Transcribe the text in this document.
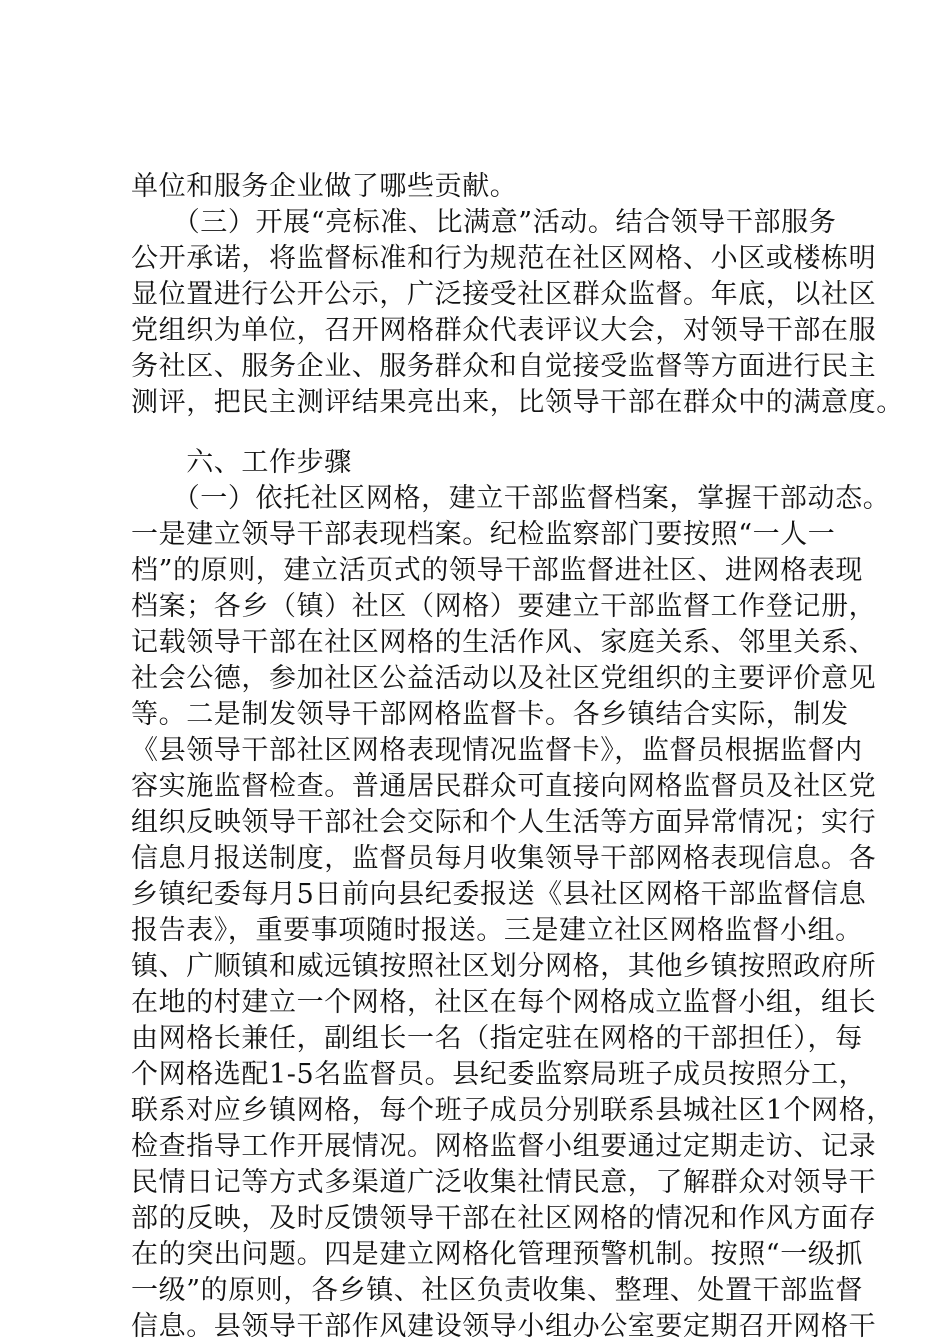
单位和服务企业做了哪些贡献。
　　（三）开展“亮标准、比满意”活动。结合领导干部服务
公开承诺，将监督标准和行为规范在社区网格、小区或楼栋明
显位置进行公开公示，广泛接受社区群众监督。年底，以社区
党组织为单位，召开网格群众代表评议大会，对领导干部在服
务社区、服务企业、服务群众和自觉接受监督等方面进行民主
测评，把民主测评结果亮出来，比领导干部在群众中的满意度。
　　六、工作步骤
　　（一）依托社区网格，建立干部监督档案，掌握干部动态。
一是建立领导干部表现档案。纪检监察部门要按照“一人一
档”的原则，建立活页式的领导干部监督进社区、进网格表现
档案；各乡（镇）社区（网格）要建立干部监督工作登记册，
记载领导干部在社区网格的生活作风、家庭关系、邻里关系、
社会公德，参加社区公益活动以及社区党组织的主要评价意见
等。二是制发领导干部网格监督卡。各乡镇结合实际，制发
《县领导干部社区网格表现情况监督卡》，监督员根据监督内
容实施监督检查。普通居民群众可直接向网格监督员及社区党
组织反映领导干部社会交际和个人生活等方面异常情况；实行
信息月报送制度，监督员每月收集领导干部网格表现信息。各
乡镇纪委每月5日前向县纪委报送《县社区网格干部监督信息
报告表》，重要事项随时报送。三是建立社区网格监督小组。
镇、广顺镇和威远镇按照社区划分网格，其他乡镇按照政府所
在地的村建立一个网格，社区在每个网格成立监督小组，组长
由网格长兼任，副组长一名（指定驻在网格的干部担任），每
个网格选配1-5名监督员。县纪委监察局班子成员按照分工，
联系对应乡镇网格，每个班子成员分别联系县城社区1个网格，
检查指导工作开展情况。网格监督小组要通过定期走访、记录
民情日记等方式多渠道广泛收集社情民意，了解群众对领导干
部的反映，及时反馈领导干部在社区网格的情况和作风方面存
在的突出问题。四是建立网格化管理预警机制。按照“一级抓
一级”的原则，各乡镇、社区负责收集、整理、处置干部监督
信息。县领导干部作风建设领导小组办公室要定期召开网格干
